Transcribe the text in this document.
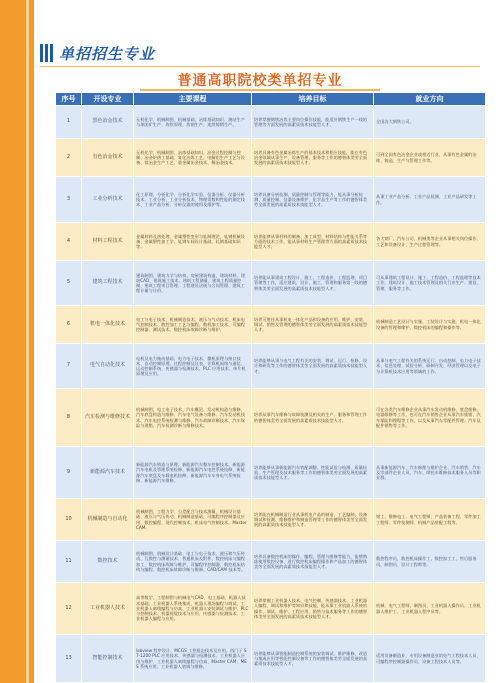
单招招生专业
普通高职院校类单招专业
序号	开设专业	主要课程	培养目标	就业方向
1	黑色冶金技术	无机化学、机械制图、机械基础、冶炼基础知识、烧结生产与球团矿生产、炼铁原理、炼钢生产、连续铸钢生产。	培养掌握钢铁冶炼主要岗位操作技能，能适应钢铁生产一线的管理等方面发展的高素质技术技能型人才。	全国各大钢铁公司。
2	有色冶金技术	无机化学、机械制图、冶炼基础知识、冶金过程控制与控制、冶金炉热工基础、复化冶炼工艺、电解铝生产工艺与设备、锁冶金生产工艺、重金属冶金技术、稀冶金技术。	培养具备有色金属冶炼生产的基本技术和相应技能，能在有色冶金领域从事生产、设备管理、服务等工作的德智体美劳全面发展的高素质技术技能型人才。	可到全国有色冶金企业或相近行业，从事有色金属的冶炼、铸造、生产与管理工作等。
3	工业分析技术	化工原理、分析化学、分析化学实验、仪器分析、仪器分析技术、工业分析、工业分析技术、物理常数和性能的测定技术、工业产品分析、分析仪器的使用及维护等。	培养具备分析检测、质量控制与管理等能力，能从事分析检测、质量控制、仪器设备维护、化学品生产等工作的德智体美劳全面发展的高素质技术技能型人才。	从事工业产品分析、工业产品检测、工业产品研发等工作。
4	材料工程技术	金属材料及热处理、金属塑性变形与轧制理论、轧钢机械设备、金属塑性加工学、轧钢车间设计基础、轧钢基础知识等。	培养能够从事材料的制备、加工成型、材料结构与性能关系等方面的技术工作，能从事材料生产管理等方面的高素质技术技能型人才。	各大钢厂、汽车公司、机械类等企业从事相关岗位操作、工艺和设备设计、生产过程管理等。
5	建筑工程技术	建筑制图、建筑力学与结构、房屋建筑构造、建筑材料、建筑CAD、建筑施工技术、建筑工程测量、建筑工程质量控制、建筑工程项目管理、工程建设法规与合同管理、建筑工程计量与计价。	培养能从事建筑工程设计、施工、工程造价、工程监理、项目管理等工作，适应建筑、设计、施工、管理和服务第一线的德智体美劳全面发展的高素质技术技能型人才。	可从事建筑工程设计、施工、工程造价、工程监理等技术工作，建筑设计、施工技术管理及相关行业生产、建设、管理、服务等工作。
6	机电一体化技术	电工与电子技术、机械制造技术、液压与气动技术、机床电气控制技术、数控加工工艺与编程、数机加工技术、可编程控制器、测试技术、数控机床故障诊断与维护。	培养可胜任从事机电一体化产品和设备的应用、维护、安装、调试、销售及管理的德智体美劳全面发展的高素质技术技能型人才。	机械制造工艺设计与实施、工装设计与实施、机电一体化设备的管理和维护、数控机床的编程和操作等。
7	电气自动化技术	电机及电力拖动基础、电力电子技术、微机原理与接口技术、自动控制原理、过程控制及仪表、计算机网络与通信、运动控制系统、传感器与检测技术、PLC 应用技术、单片机原理及应用。	培养能够从事与电气工程有关的安装、调试、运行、检修、设计和研发等工作的德智体美劳全面发展的高素质技术技能型人才。	从事与电气工程有关的系统运行、自动控制、电力电子技术、信息处理、试验分析、研制开发、经济管理以及电子与计算机技术应用等领域的工作。
8	汽车检测与维修技术	机械制图、电工电子技术、汽车概论、发动机构造与维修、汽车底盘构造与维修、汽车电气设备与维修、汽车发动机技术、汽车电控系统检测与维修、汽车故障诊断技术、汽车保险与理赔、汽车检测诊断与维修技术。	培养从事汽车维修与故障检测及相关的生产、服务和管理工作的德智体美劳全面发展的高素质技术技能型人才。	可在各类汽车维修企业从事汽车发动机维修、底盘维修、电器维修等工作，也可在汽车销售企业从事汽车推销、汽车保险和理赔等工作，以及从事汽车零配件管理、汽车及配件销售等工作。
9	新能源汽车技术	新能源汽车构造与原理、新能源汽车整车控制技术、新能源汽车电机及管理系统检修、新能源汽车电控系统检修、新能源汽车底盘及车载电机检修、新能源汽车车身电气系统检修、新能源汽车维修。	培养能够从事新能源汽车装配调整、性能试验与检测、质量检验、生产管理及技术服务等工作的德智体美劳全面发展的高素质技术技能型人才。	从事新能源汽车、汽车修理与维护企业、汽车销售、汽车及零部件企业人员、汽车、摩托车维修技术服务人员等职业群。
10	机械制造与自动化	机械制图、工程力学、公差配合与技术测量、机械设计基础、液压与气压传动、机械制造基础、可编程序控制器及应用、数控编程、现代控制技术、机床电气控制技术、Master CAM。	培养能在机械制造行业从事机电产品的制造、工艺编制、设备调试和检测、维修维护和制造管理等工作的德智体美劳全面发展的高素质技术技能型人才。	钳工、维修电工、电气工程师，产品装备工程、零件加工工程师、零件检测师、机械产品装配工程等。
11	数控技术	机械制图、机械设计基础、电工与电子技术、液压和气压传动、互换性与测量技术、普通机床及附件、数控机床与编程加工、数控机床故障与维护、可编程序控制器、数控机床结构与编程、数控机床故障诊断与维修、CAD/CAM 技术等。	培养具备数控机床的操作、编程、管理与维修等能力，能够熟练使用数控设备、进行数控机床编程操作和产品加工的德智体美劳全面发展的高素质技术技能型人才。	数控程序员，数控机床操作工，数控加工工，售后服务员，制图员、设计工程师等。
12	工业机器人技术	高等数学、工程制图与机械电气CAD、电工基础、机器人技术基础、工业机器人系统集成、机器人现场编程与调试、工业机器人离线编程与仿真、工业机器人安装调试与维护、PLC与控制技术、机器视觉技术与应用、传感器与检测技术、工业机器人编程与应用。	培养掌握工业机器人技术、电气控制、传感器技术、工业机器人编程、调试和维护等知识和技能，能从事工业机器人系统的操作、调试、维护、工程应用、销售与技术服务等工作的德智体美劳全面发展的高素质技术技能型人才。	机械、电气工程师、制图员、工业机器人操作员、工业机器人维护工、工业机器人程序员等。
13	智能控制技术	labview 程序设计、MCGS 工控组态技术及应用、西门子 S7-1200 PLC 应用技术、传感器与检测技术、工业机器人应用与维护、工业机器人离线编程与仿真、Master CAM、MES 系统应用、工业机器人装调与维修。	培养能够从事智能制造控制系统的安装调试、维护维修，改造与集成应用等智能控制设备等工作的德智体美劳全面发展的高素质技术技能型人才。	适用设备制造业、专用设备制造业的电气工程技术人员、可编程序控制器操作员、设备工程技术人员等。
